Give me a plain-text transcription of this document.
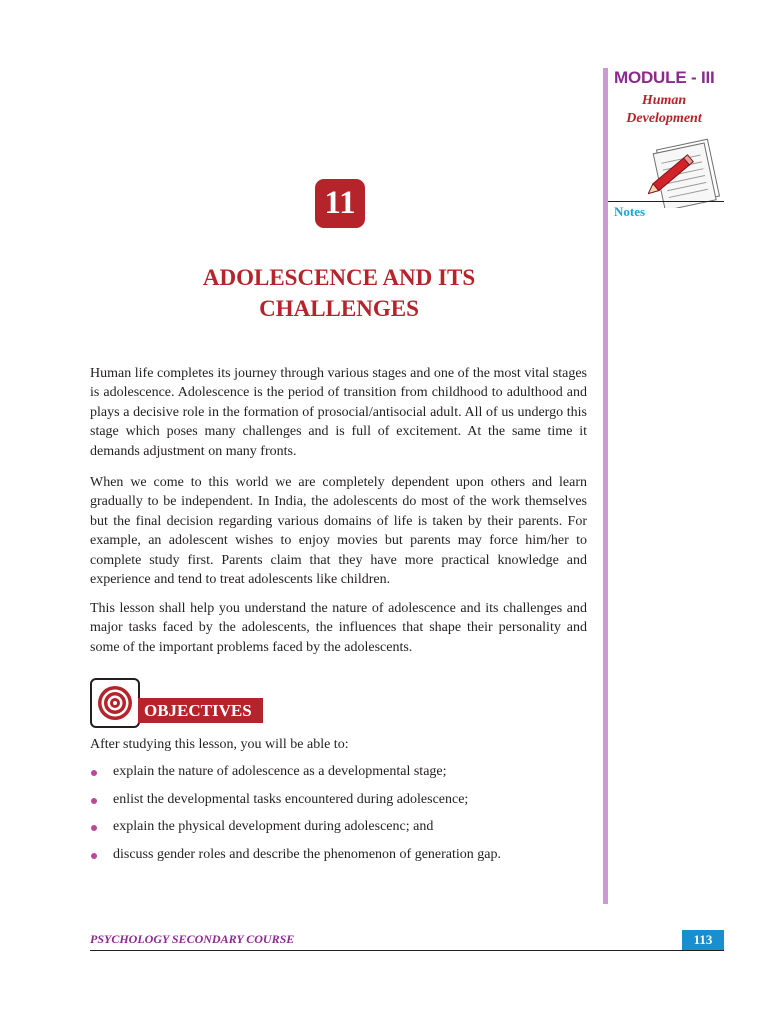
MODULE - III
Human
Development
Notes
11
ADOLESCENCE AND ITS
CHALLENGES
Human life completes its journey through various stages and one of the most vital stages is adolescence. Adolescence is the period of transition from childhood to adulthood and plays a decisive role in the formation of prosocial/antisocial adult. All of us undergo this stage which poses many challenges and is full of excitement. At the same time it demands adjustment on many fronts.
When we come to this world we are completely dependent upon others and learn gradually to be independent. In India, the adolescents do most of the work themselves but the final decision regarding various domains of life is taken by their parents. For example, an adolescent wishes to enjoy movies but parents may force him/her to complete study first. Parents claim that they have more practical knowledge and experience and tend to treat adolescents like children.
This lesson shall help you understand the nature of adolescence and its challenges and major tasks faced by the adolescents, the influences that shape their personality and some of the important problems faced by the adolescents.
OBJECTIVES
After studying this lesson, you will be able to:
explain the nature of adolescence as a developmental stage;
enlist the developmental tasks encountered during adolescence;
explain the physical development during adolescenc; and
discuss gender roles and describe the phenomenon of generation gap.
PSYCHOLOGY SECONDARY COURSE	113
